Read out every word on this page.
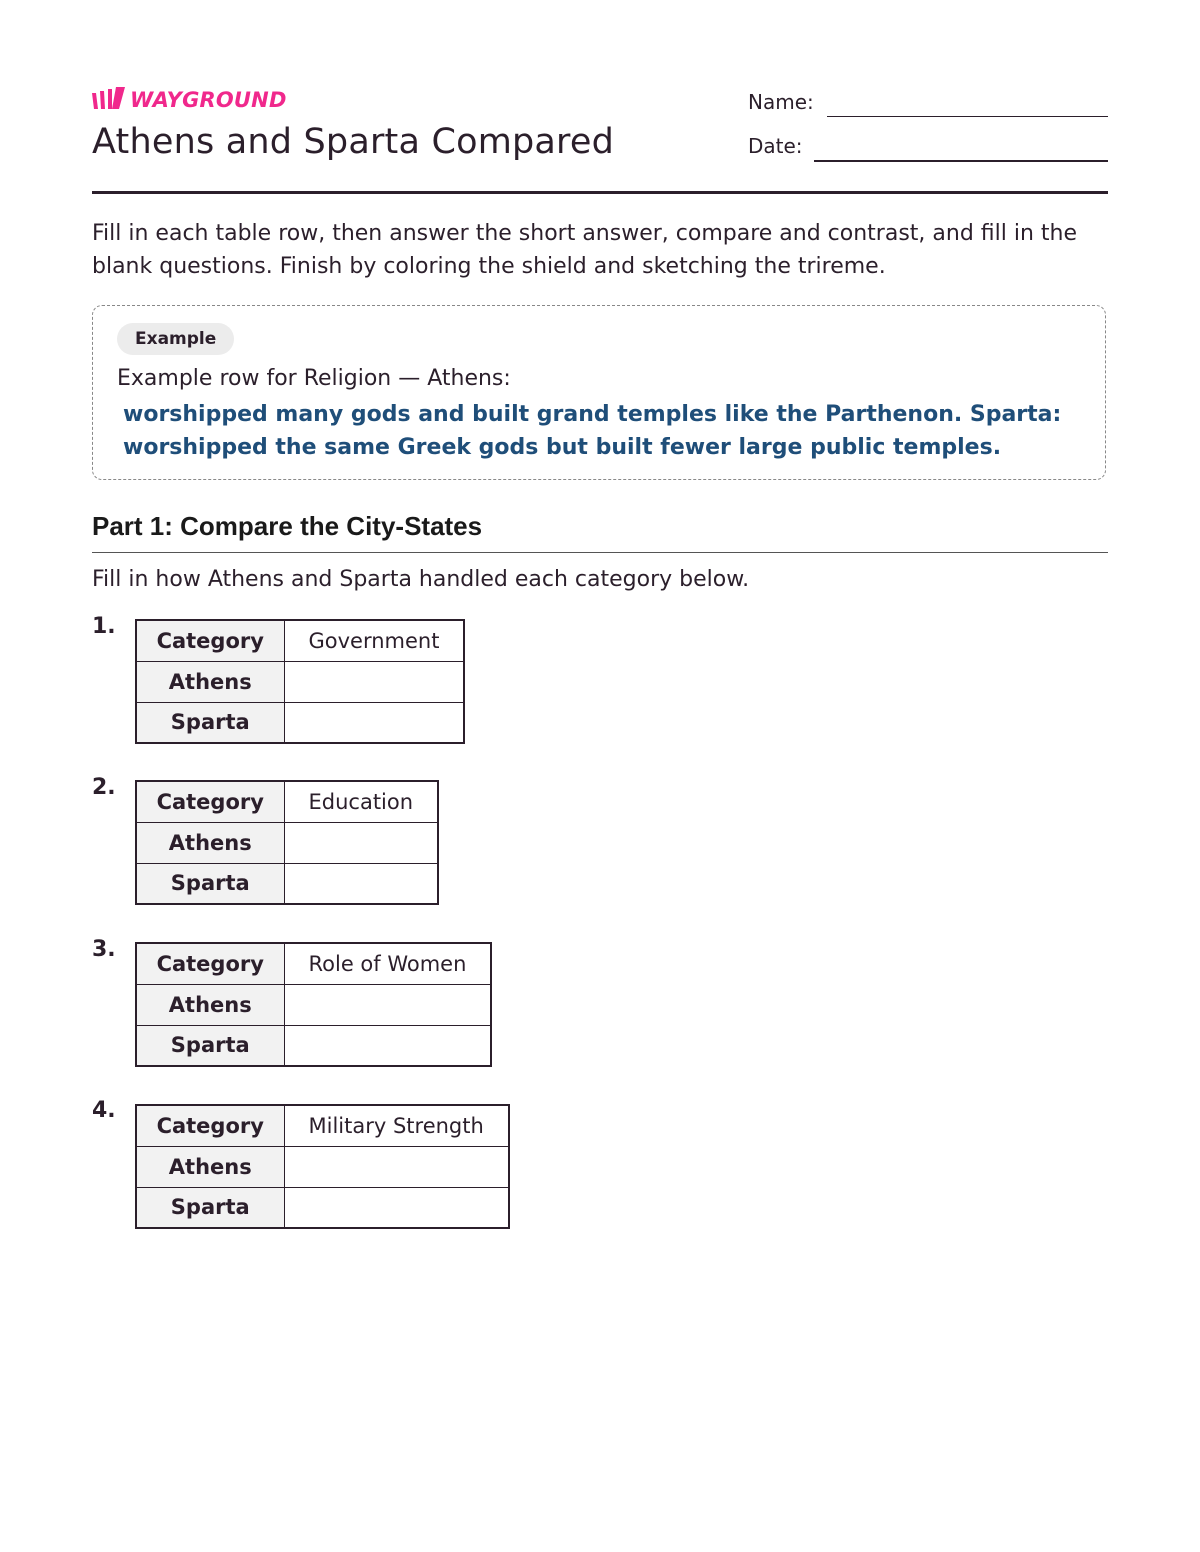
WAYGROUND
Athens and Sparta Compared
Name:
Date:

Fill in each table row, then answer the short answer, compare and contrast, and fill in the blank questions. Finish by coloring the shield and sketching the trireme.

Example
Example row for Religion — Athens:

worshipped many gods and built grand temples like the Parthenon. Sparta: worshipped the same Greek gods but built fewer large public temples.

Part 1: Compare the City-States
Fill in how Athens and Sparta handled each category below.
1.
Category	Government
Athens	
Sparta	
2.
Category	Education
Athens	
Sparta	
3.
Category	Role of Women
Athens	
Sparta	
4.
Category	Military Strength
Athens	
Sparta	
